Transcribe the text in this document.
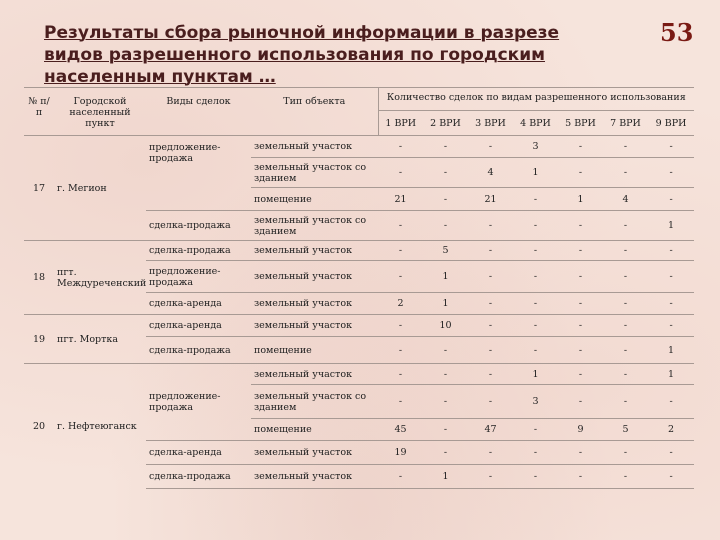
Результаты сбора рыночной информации в разрезе видов разрешенного использования по городским населенным пунктам …
53
№ п/п	Городской населенный пункт	Виды сделок	Тип объекта	Количество сделок по видам разрешенного использования						
				1 ВРИ	2 ВРИ	3 ВРИ	4 ВРИ	5 ВРИ	7 ВРИ	9 ВРИ
17	г. Мегион	предложение-продажа	земельный участок	-	-	-	3	-	-	-
			земельный участок со зданием	-	-	4	1	-	-	-
			помещение	21	-	21	-	1	4	-
		сделка-продажа	земельный участок со зданием	-	-	-	-	-	-	1
18	пгт. Междуреченский	сделка-продажа	земельный участок	-	5	-	-	-	-	-
		предложение-продажа	земельный участок	-	1	-	-	-	-	-
		сделка-аренда	земельный участок	2	1	-	-	-	-	-
19	пгт. Мортка	сделка-аренда	земельный участок	-	10	-	-	-	-	-
		сделка-продажа	помещение	-	-	-	-	-	-	1
20	г. Нефтеюганск	предложение-продажа	земельный участок	-	-	-	1	-	-	1
			земельный участок со зданием	-	-	-	3	-	-	-
			помещение	45	-	47	-	9	5	2
		сделка-аренда	земельный участок	19	-	-	-	-	-	-
		сделка-продажа	земельный участок	-	1	-	-	-	-	-
